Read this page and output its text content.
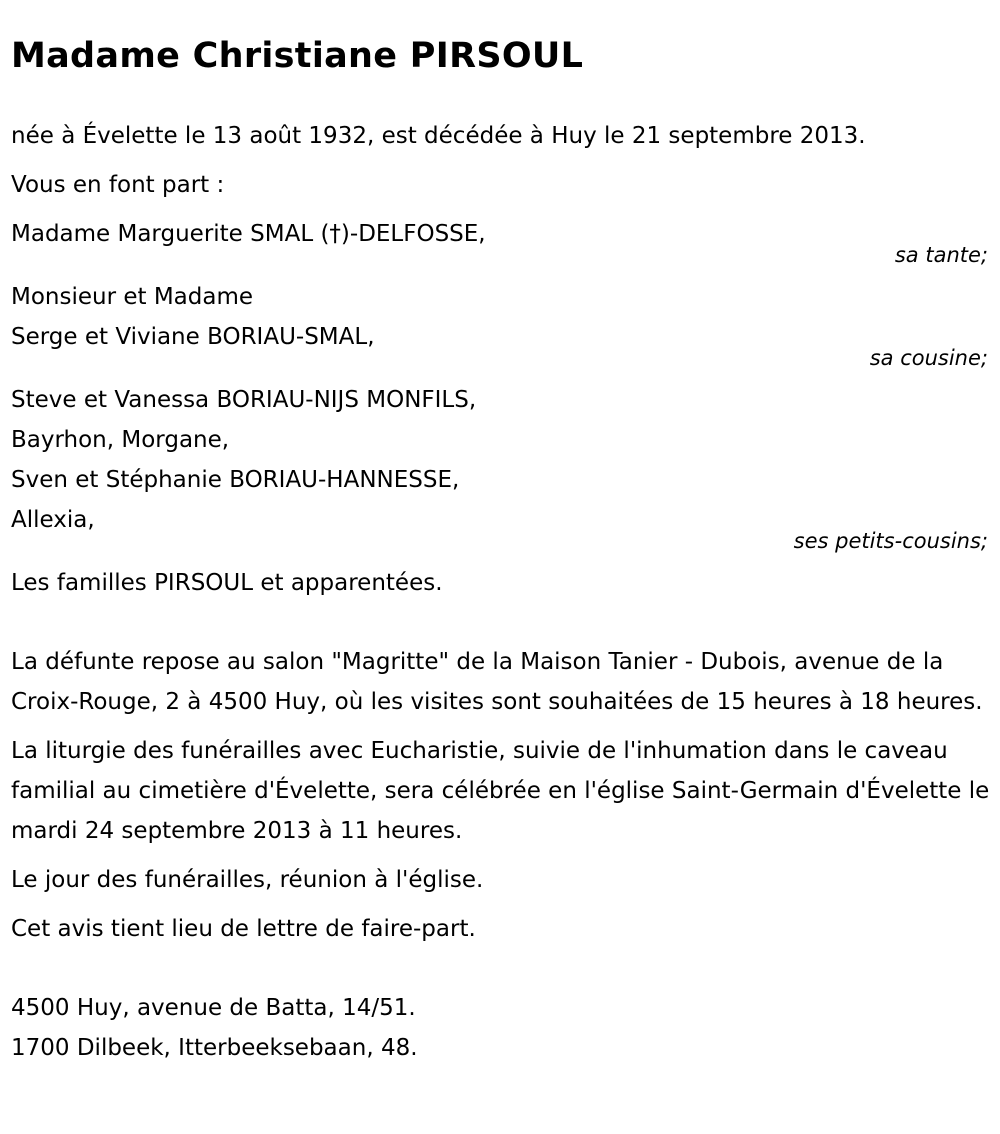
Madame Christiane PIRSOUL

née à Évelette le 13 août 1932, est décédée à Huy le 21 septembre 2013.

Vous en font part :

Madame Marguerite SMAL (†)-DELFOSSE,

sa tante;

Monsieur et Madame

Serge et Viviane BORIAU-SMAL,

sa cousine;

Steve et Vanessa BORIAU-NIJS MONFILS,

Bayrhon, Morgane,

Sven et Stéphanie BORIAU-HANNESSE,

Allexia,

ses petits-cousins;

Les familles PIRSOUL et apparentées.

La défunte repose au salon "Magritte" de la Maison Tanier - Dubois, avenue de la Croix-Rouge, 2 à 4500 Huy, où les visites sont souhaitées de 15 heures à 18 heures.

La liturgie des funérailles avec Eucharistie, suivie de l'inhumation dans le caveau familial au cimetière d'Évelette, sera célébrée en l'église Saint-Germain d'Évelette le mardi 24 septembre 2013 à 11 heures.

Le jour des funérailles, réunion à l'église.

Cet avis tient lieu de lettre de faire-part.

4500 Huy, avenue de Batta, 14/51.

1700 Dilbeek, Itterbeeksebaan, 48.
